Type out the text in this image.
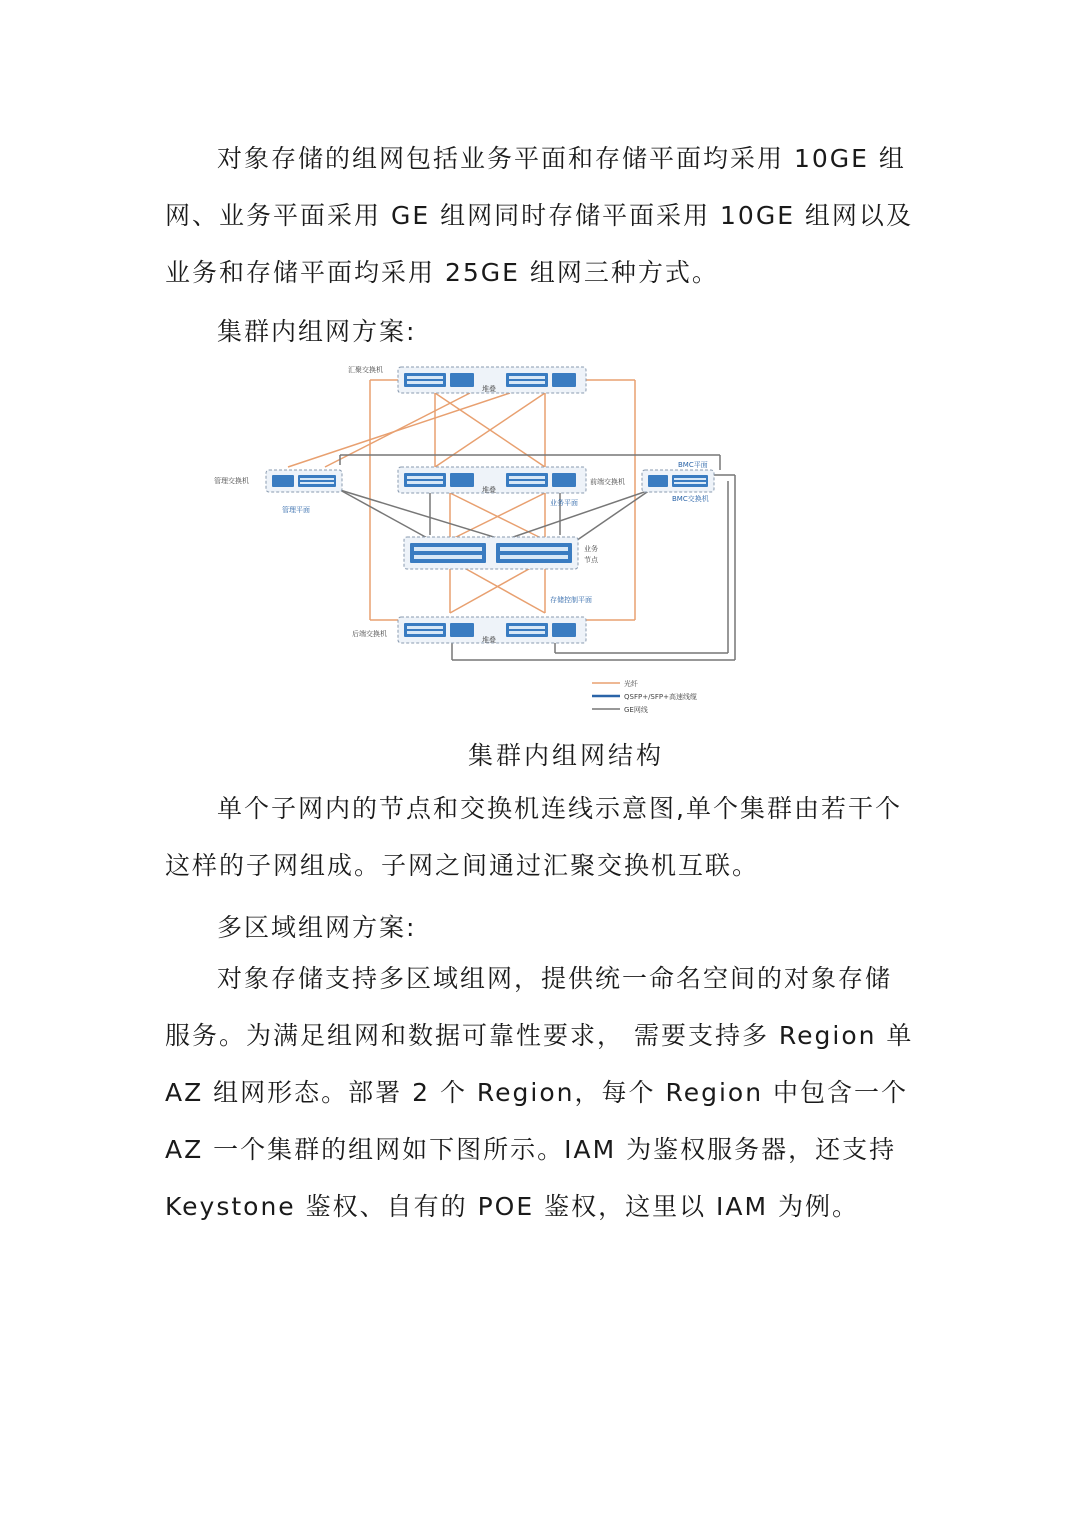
对象存储的组网包括业务平面和存储平面均采用 10GE 组网、业务平面采用 GE 组网同时存储平面采用 10GE 组网以及业务和存储平面均采用 25GE 组网三种方式。

集群内组网方案:

汇聚交换机
堆叠
管理交换机
管理平面
堆叠
前端交换机
业务平面
BMC平面
BMC交换机
业务
节点
存储控制平面
堆叠
后端交换机
光纤
QSFP+/SFP+高速线缆
GE网线

集群内组网结构

单个子网内的节点和交换机连线示意图,单个集群由若干个这样的子网组成。子网之间通过汇聚交换机互联。

多区域组网方案:

对象存储支持多区域组网，提供统一命名空间的对象存储服务。为满足组网和数据可靠性要求， 需要支持多 Region 单 AZ 组网形态。部署 2 个 Region，每个 Region 中包含一个 AZ 一个集群的组网如下图所示。IAM 为鉴权服务器，还支持 Keystone 鉴权、自有的 POE 鉴权，这里以 IAM 为例。
